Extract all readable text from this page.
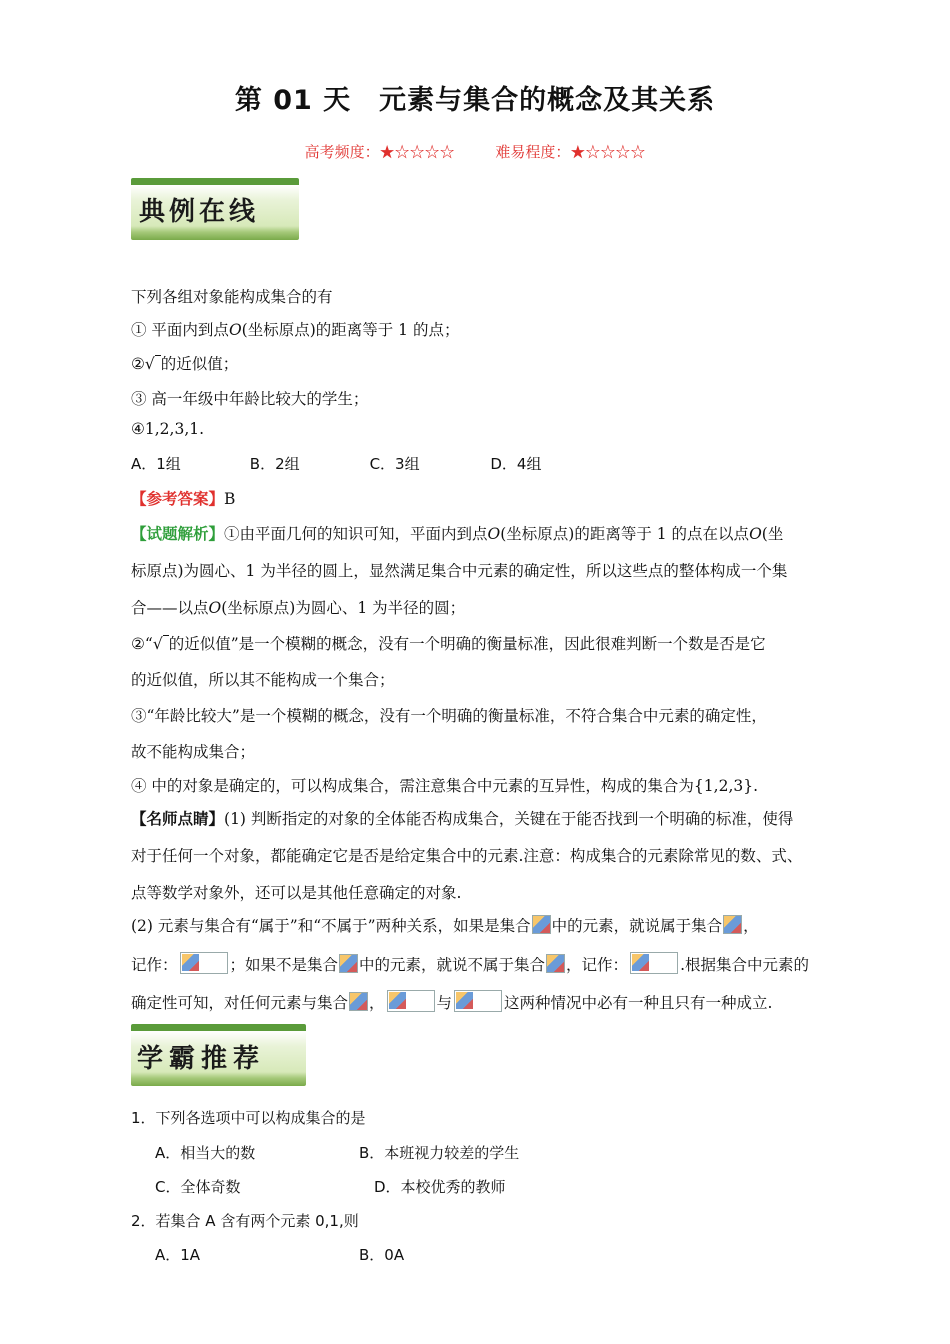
第 01 天　元素与集合的概念及其关系
高考频度：★☆☆☆☆	难易程度：★☆☆☆☆
典例在线
下列各组对象能构成集合的有
① 平面内到点O(坐标原点)的距离等于 1 的点；
②√ 的近似值；
③ 高一年级中年龄比较大的学生；
④1,2,3,1.
A．1组	B．2组	C．3组	D．4组
【参考答案】B
【试题解析】①由平面几何的知识可知，平面内到点O(坐标原点)的距离等于 1 的点在以点O(坐
标原点)为圆心、1 为半径的圆上，显然满足集合中元素的确定性，所以这些点的整体构成一个集
合——以点O(坐标原点)为圆心、1 为半径的圆；
②“√ 的近似值”是一个模糊的概念，没有一个明确的衡量标准，因此很难判断一个数是否是它
的近似值，所以其不能构成一个集合；
③“年龄比较大”是一个模糊的概念，没有一个明确的衡量标准，不符合集合中元素的确定性，
故不能构成集合；
④ 中的对象是确定的，可以构成集合，需注意集合中元素的互异性，构成的集合为{1,2,3}.
【名师点睛】(1) 判断指定的对象的全体能否构成集合，关键在于能否找到一个明确的标准，使得
对于任何一个对象，都能确定它是否是给定集合中的元素.注意：构成集合的元素除常见的数、式、
点等数学对象外，还可以是其他任意确定的对象.
(2) 元素与集合有“属于”和“不属于”两种关系，如果是集合 中的元素，就说属于集合 ，
记作：	；如果不是集合 中的元素，就说不属于集合 ，记作：	.根据集合中元素的
确定性可知，对任何元素与集合 ，	与	这两种情况中必有一种且只有一种成立.
学霸推荐
1．下列各选项中可以构成集合的是
A．相当大的数	B．本班视力较差的学生
C．全体奇数	D．本校优秀的教师
2．若集合 A 含有两个元素 0,1,则
A．1A	B．0A
